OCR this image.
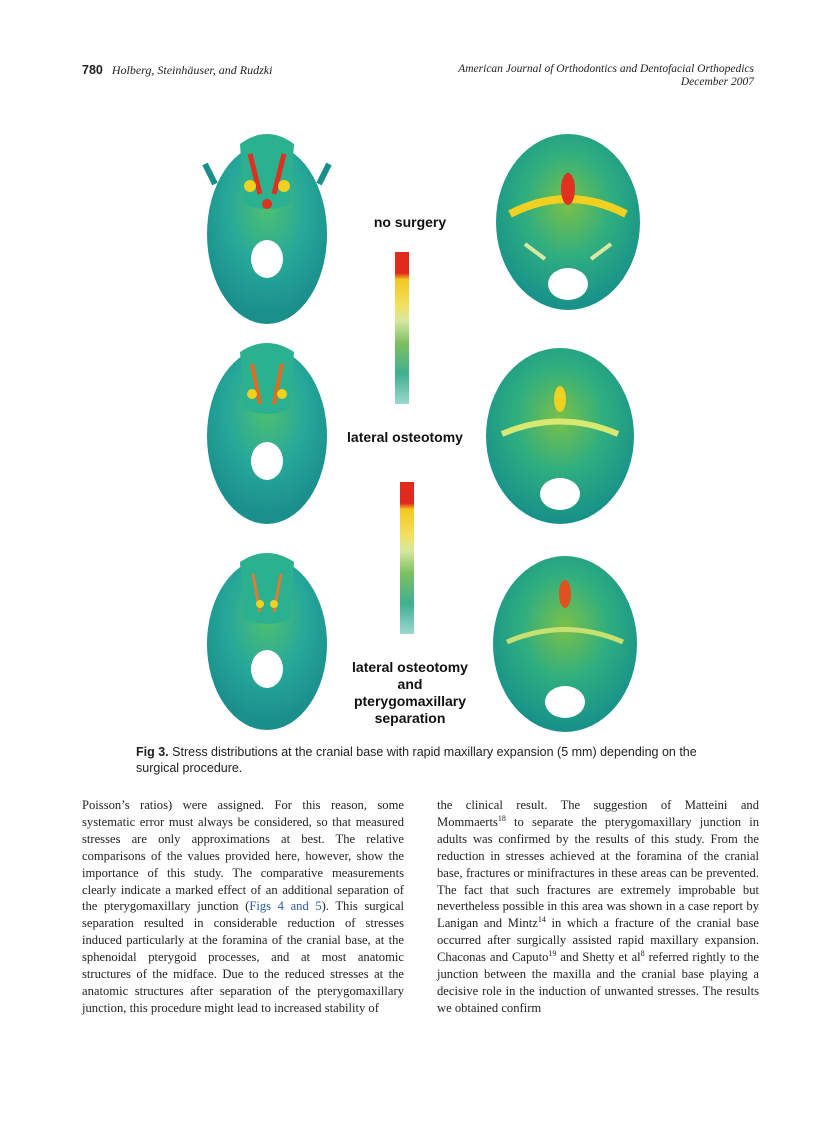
780 Holberg, Steinhäuser, and Rudzki	American Journal of Orthodontics and Dentofacial Orthopedics
December 2007
no surgery
lateral osteotomy
lateral osteotomy
and
pterygomaxillary
separation
Fig 3. Stress distributions at the cranial base with rapid maxillary expansion (5 mm) depending on the surgical procedure.

Poisson’s ratios) were assigned. For this reason, some systematic error must always be considered, so that measured stresses are only approximations at best. The relative comparisons of the values provided here, however, show the importance of this study. The comparative measurements clearly indicate a marked effect of an additional separation of the pterygomaxillary junction (Figs 4 and 5). This surgical separation resulted in considerable reduction of stresses induced particularly at the foramina of the cranial base, at the sphenoidal pterygoid processes, and at most anatomic structures of the midface. Due to the reduced stresses at the anatomic structures after separation of the pterygomaxillary junction, this procedure might lead to increased stability of

the clinical result. The suggestion of Matteini and Mommaerts$^{18}$ to separate the pterygomaxillary junction in adults was confirmed by the results of this study. From the reduction in stresses achieved at the foramina of the cranial base, fractures or minifractures in these areas can be prevented. The fact that such fractures are extremely improbable but nevertheless possible in this area was shown in a case report by Lanigan and Mintz$^{14}$ in which a fracture of the cranial base occurred after surgically assisted rapid maxillary expansion. Chaconas and Caputo$^{19}$ and Shetty et $al^8$ referred rightly to the junction between the maxilla and the cranial base playing a decisive role in the induction of unwanted stresses. The results we obtained confirm
